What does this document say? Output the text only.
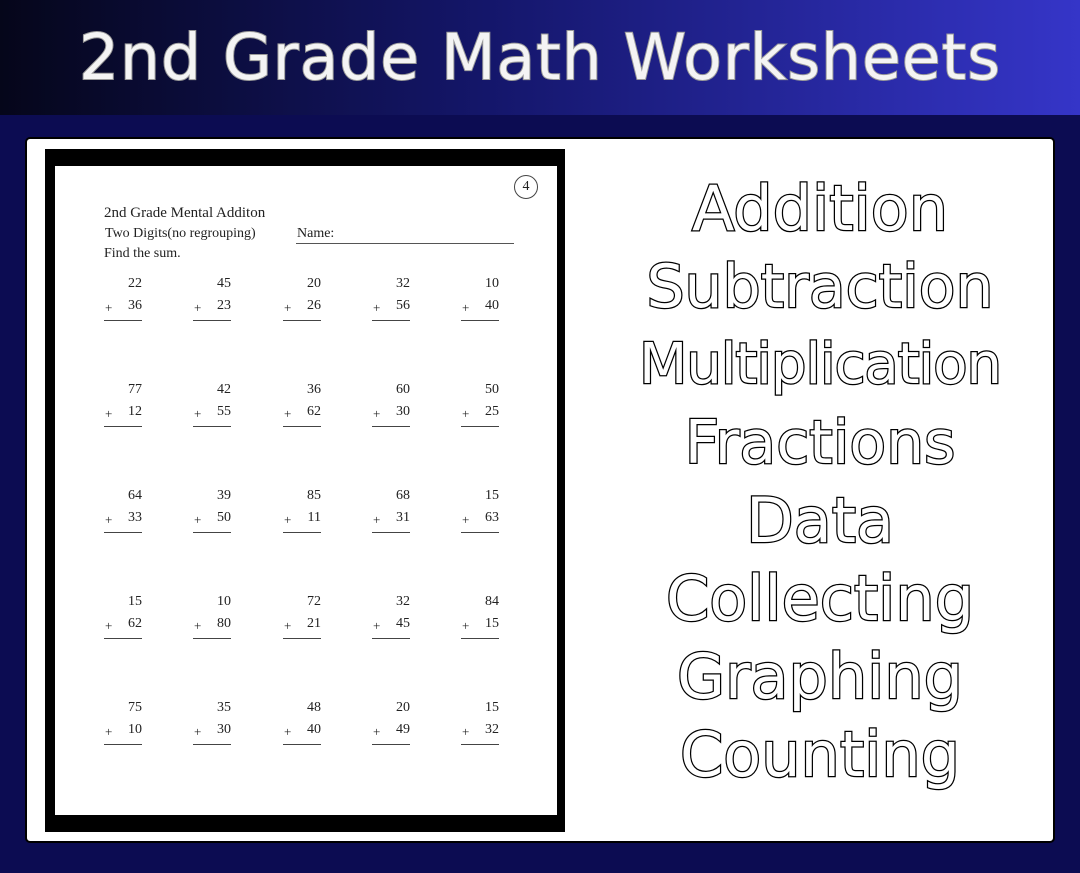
2nd Grade Math Worksheets
4
2nd Grade Mental Additon
Two Digits(no regrouping)	Name:
Find the sum.
22
+ 36
45
+ 23
20
+ 26
32
+ 56
10
+ 40
77
+ 12
42
+ 55
36
+ 62
60
+ 30
50
+ 25
64
+ 33
39
+ 50
85
+ 11
68
+ 31
15
+ 63
15
+ 62
10
+ 80
72
+ 21
32
+ 45
84
+ 15
75
+ 10
35
+ 30
48
+ 40
20
+ 49
15
+ 32
Addition
Subtraction
Multiplication
Fractions
Data
Collecting
Graphing
Counting
